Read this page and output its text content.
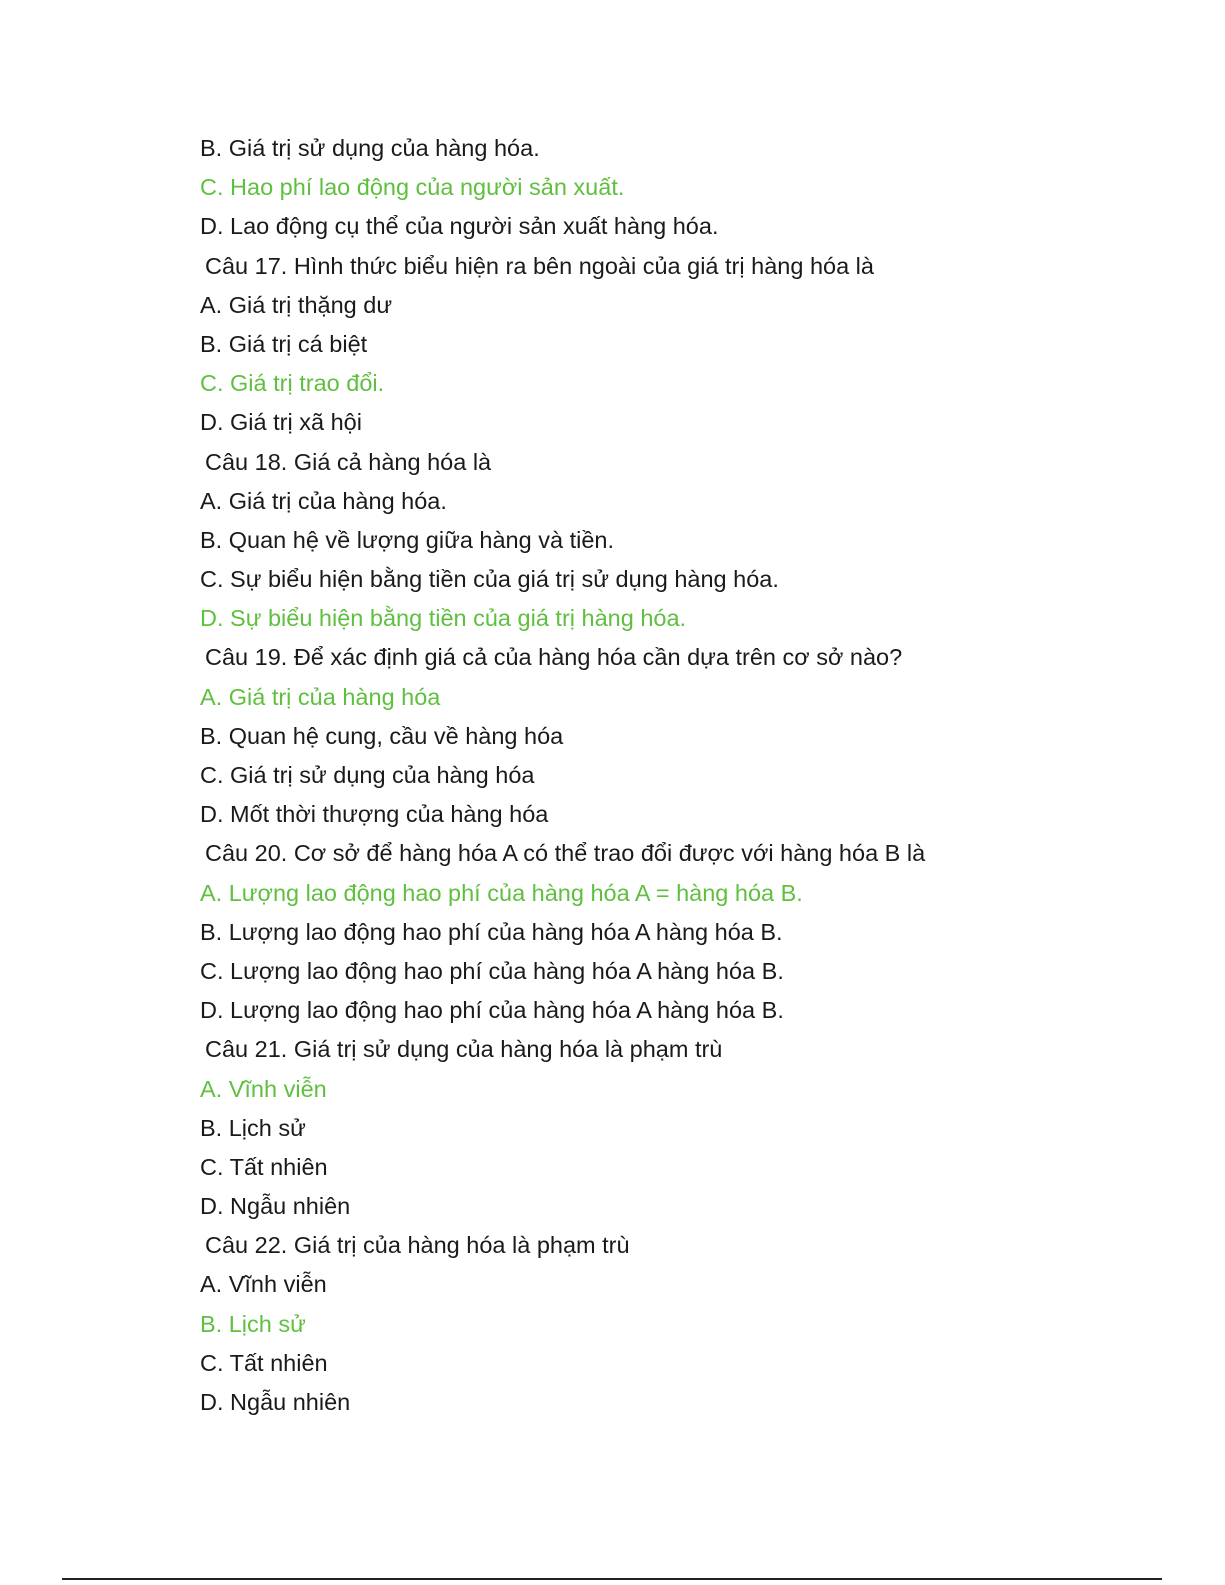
B. Giá trị sử dụng của hàng hóa.
C. Hao phí lao động của người sản xuất.
D. Lao động cụ thể của người sản xuất hàng hóa.
Câu 17. Hình thức biểu hiện ra bên ngoài của giá trị hàng hóa là
A. Giá trị thặng dư
B. Giá trị cá biệt
C. Giá trị trao đổi.
D. Giá trị xã hội
Câu 18. Giá cả hàng hóa là
A. Giá trị của hàng hóa.
B. Quan hệ về lượng giữa hàng và tiền.
C. Sự biểu hiện bằng tiền của giá trị sử dụng hàng hóa.
D. Sự biểu hiện bằng tiền của giá trị hàng hóa.
Câu 19. Để xác định giá cả của hàng hóa cần dựa trên cơ sở nào?
A. Giá trị của hàng hóa
B. Quan hệ cung, cầu về hàng hóa
C. Giá trị sử dụng của hàng hóa
D. Mốt thời thượng của hàng hóa
Câu 20. Cơ sở để hàng hóa A có thể trao đổi được với hàng hóa B là
A. Lượng lao động hao phí của hàng hóa A = hàng hóa B.
B. Lượng lao động hao phí của hàng hóa A hàng hóa B.
C. Lượng lao động hao phí của hàng hóa A hàng hóa B.
D. Lượng lao động hao phí của hàng hóa A hàng hóa B.
Câu 21. Giá trị sử dụng của hàng hóa là phạm trù
A. Vĩnh viễn
B. Lịch sử
C. Tất nhiên
D. Ngẫu nhiên
Câu 22. Giá trị của hàng hóa là phạm trù
A. Vĩnh viễn
B. Lịch sử
C. Tất nhiên
D. Ngẫu nhiên
